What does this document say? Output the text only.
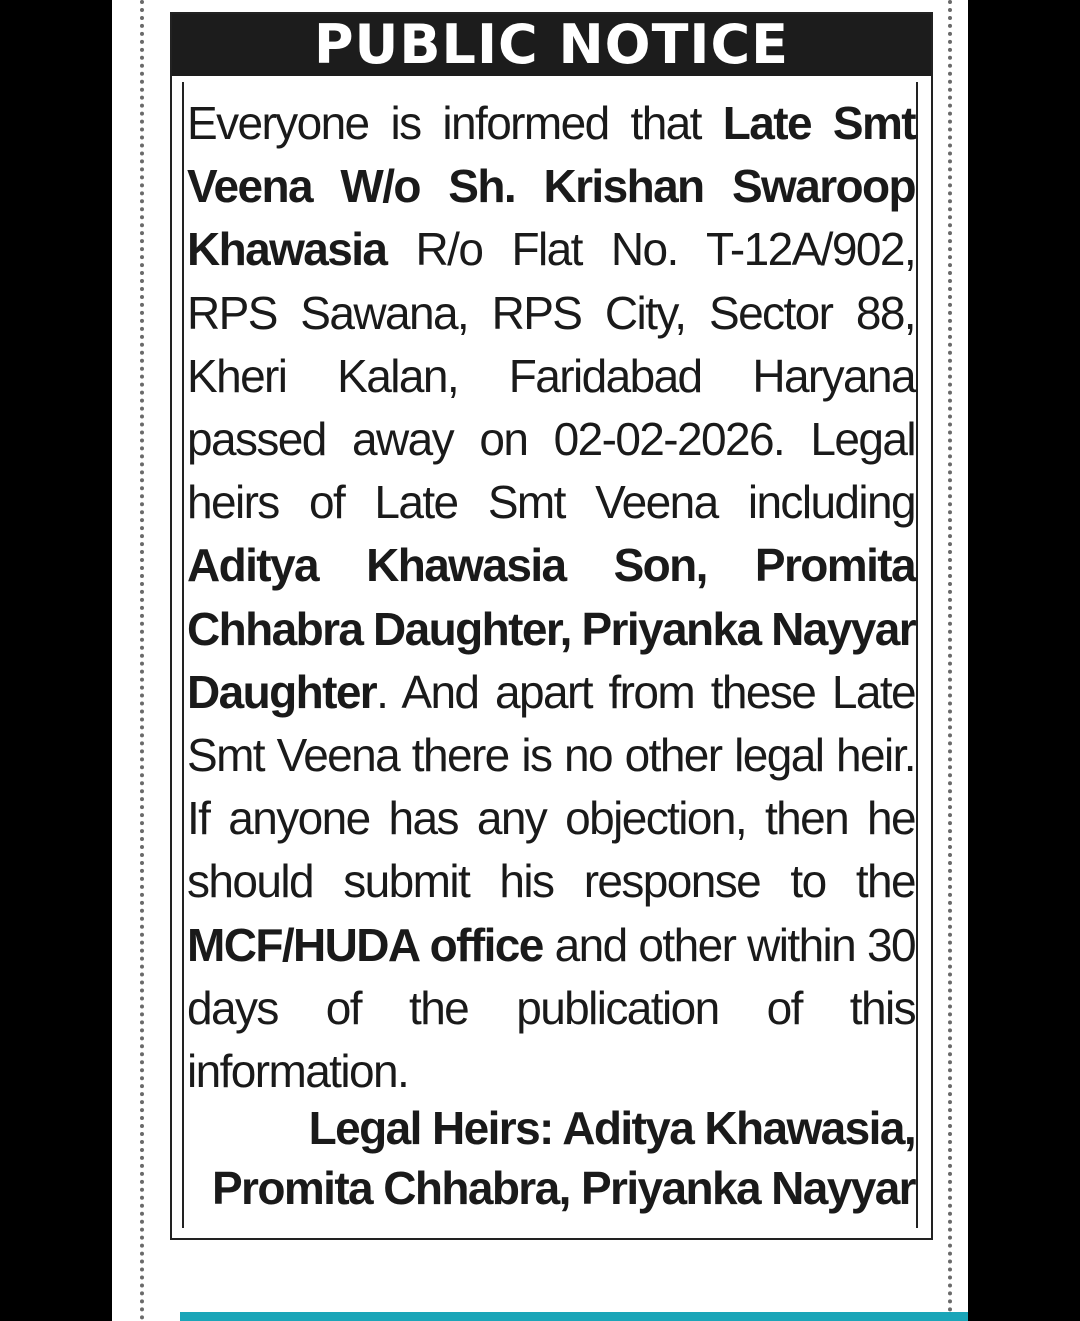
PUBLIC NOTICE

Everyone is informed that Late Smt Veena W/o Sh. Krishan Swaroop Khawasia R/o Flat No. T-12A/902, RPS Sawana, RPS City, Sector 88, Kheri Kalan, Faridabad Haryana passed away on 02-02-2026. Legal heirs of Late Smt Veena including Aditya Khawasia Son, Promita Chhabra Daughter, Priyanka Nayyar Daughter. And apart from these Late Smt Veena there is no other legal heir. If anyone has any objection, then he should submit his response to the MCF/HUDA office and other within 30 days of the publication of this information.

Legal Heirs: Aditya Khawasia,
Promita Chhabra, Priyanka Nayyar
